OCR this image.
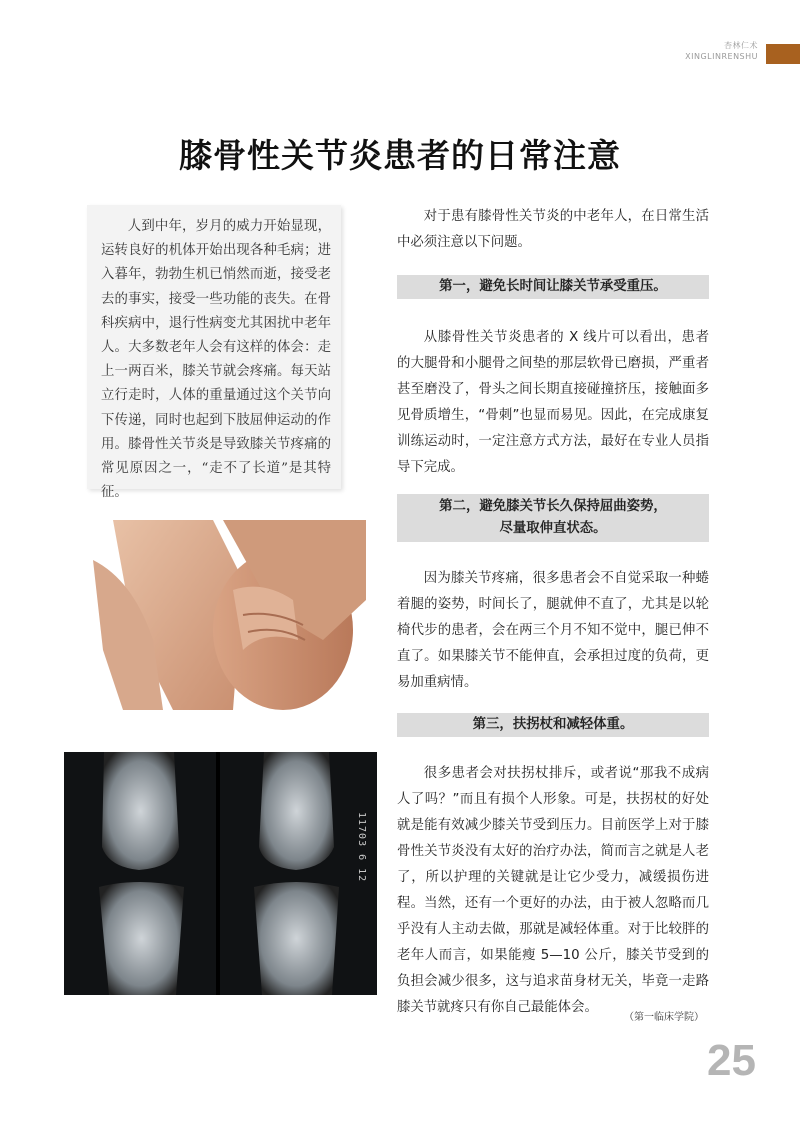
杏林仁术
XINGLINRENSHU
膝骨性关节炎患者的日常注意
人到中年，岁月的威力开始显现，运转良好的机体开始出现各种毛病；进入暮年，勃勃生机已悄然而逝，接受老去的事实，接受一些功能的丧失。在骨科疾病中，退行性病变尤其困扰中老年人。大多数老年人会有这样的体会：走上一两百米，膝关节就会疼痛。每天站立行走时，人体的重量通过这个关节向下传递，同时也起到下肢屈伸运动的作用。膝骨性关节炎是导致膝关节疼痛的常见原因之一，“走不了长道”是其特征。
11703 6 12

对于患有膝骨性关节炎的中老年人，在日常生活中必须注意以下问题。

第一，避免长时间让膝关节承受重压。

从膝骨性关节炎患者的 X 线片可以看出，患者的大腿骨和小腿骨之间垫的那层软骨已磨损，严重者甚至磨没了，骨头之间长期直接碰撞挤压，接触面多见骨质增生，“骨刺”也显而易见。因此，在完成康复训练运动时，一定注意方式方法，最好在专业人员指导下完成。

第二，避免膝关节长久保持屈曲姿势，
尽量取伸直状态。

因为膝关节疼痛，很多患者会不自觉采取一种蜷着腿的姿势，时间长了，腿就伸不直了，尤其是以轮椅代步的患者，会在两三个月不知不觉中，腿已伸不直了。如果膝关节不能伸直，会承担过度的负荷，更易加重病情。

第三，扶拐杖和减轻体重。

很多患者会对扶拐杖排斥，或者说“那我不成病人了吗？”而且有损个人形象。可是，扶拐杖的好处就是能有效减少膝关节受到压力。目前医学上对于膝骨性关节炎没有太好的治疗办法，简而言之就是人老了，所以护理的关键就是让它少受力，减缓损伤进程。当然，还有一个更好的办法，由于被人忽略而几乎没有人主动去做，那就是减轻体重。对于比较胖的老年人而言，如果能瘦 5—10 公斤，膝关节受到的负担会减少很多，这与追求苗身材无关，毕竟一走路膝关节就疼只有你自己最能体会。

（第一临床学院）
25
